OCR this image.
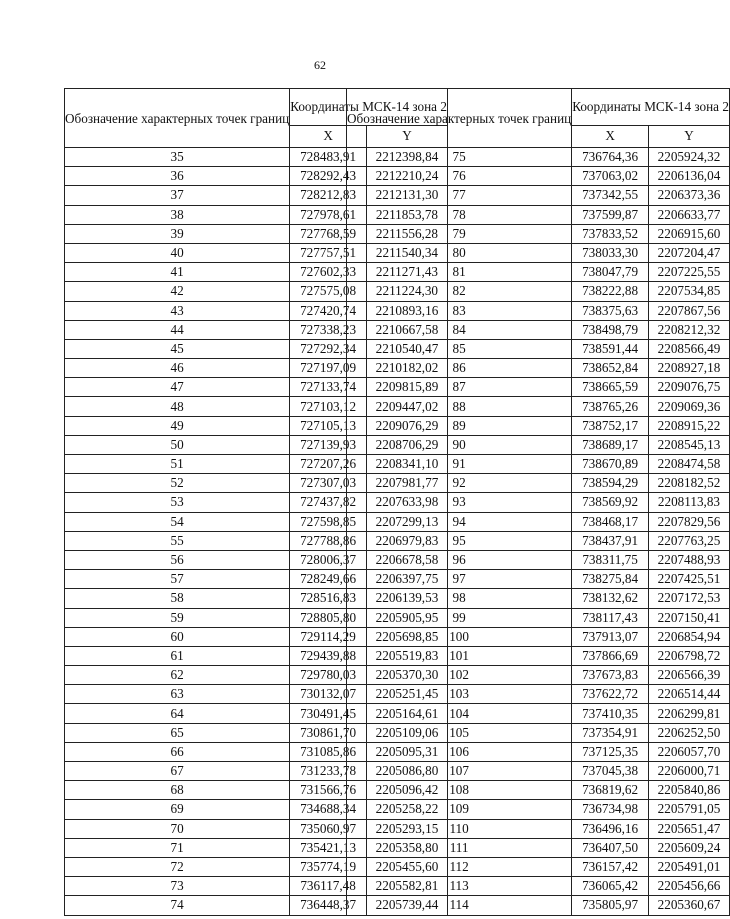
62
Обозначение характерных точек границ	Координаты МСК-14 зона 2	
	X	Y
35	728483,91	2212398,84
36	728292,43	2212210,24
37	728212,83	2212131,30
38	727978,61	2211853,78
39	727768,59	2211556,28
40	727757,51	2211540,34
41	727602,33	2211271,43
42	727575,08	2211224,30
43	727420,74	2210893,16
44	727338,23	2210667,58
45	727292,34	2210540,47
46	727197,09	2210182,02
47	727133,74	2209815,89
48	727103,12	2209447,02
49	727105,13	2209076,29
50	727139,93	2208706,29
51	727207,26	2208341,10
52	727307,03	2207981,77
53	727437,82	2207633,98
54	727598,85	2207299,13
55	727788,86	2206979,83
56	728006,37	2206678,58
57	728249,66	2206397,75
58	728516,83	2206139,53
59	728805,80	2205905,95
60	729114,29	2205698,85
61	729439,88	2205519,83
62	729780,03	2205370,30
63	730132,07	2205251,45
64	730491,45	2205164,61
65	730861,70	2205109,06
66	731085,86	2205095,31
67	731233,78	2205086,80
68	731566,76	2205096,42
69	734688,34	2205258,22
70	735060,97	2205293,15
71	735421,13	2205358,80
72	735774,19	2205455,60
73	736117,48	2205582,81
74	736448,37	2205739,44
Обозначение характерных точек границ	Координаты МСК-14 зона 2	
	X	Y
75	736764,36	2205924,32
76	737063,02	2206136,04
77	737342,55	2206373,36
78	737599,87	2206633,77
79	737833,52	2206915,60
80	738033,30	2207204,47
81	738047,79	2207225,55
82	738222,88	2207534,85
83	738375,63	2207867,56
84	738498,79	2208212,32
85	738591,44	2208566,49
86	738652,84	2208927,18
87	738665,59	2209076,75
88	738765,26	2209069,36
89	738752,17	2208915,22
90	738689,17	2208545,13
91	738670,89	2208474,58
92	738594,29	2208182,52
93	738569,92	2208113,83
94	738468,17	2207829,56
95	738437,91	2207763,25
96	738311,75	2207488,93
97	738275,84	2207425,51
98	738132,62	2207172,53
99	738117,43	2207150,41
100	737913,07	2206854,94
101	737866,69	2206798,72
102	737673,83	2206566,39
103	737622,72	2206514,44
104	737410,35	2206299,81
105	737354,91	2206252,50
106	737125,35	2206057,70
107	737045,38	2206000,71
108	736819,62	2205840,86
109	736734,98	2205791,05
110	736496,16	2205651,47
111	736407,50	2205609,24
112	736157,42	2205491,01
113	736065,42	2205456,66
114	735805,97	2205360,67
